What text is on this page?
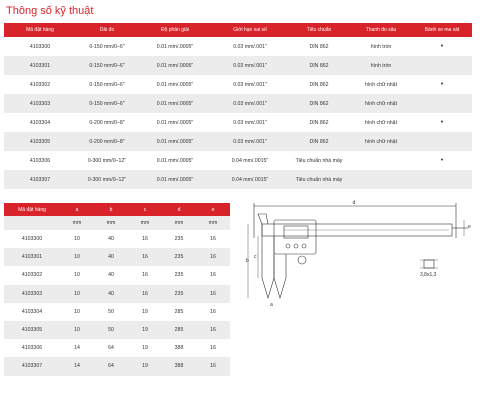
Thông số kỹ thuật
Mã đặt hàng	Dải đo	Độ phân giải	Giới hạn sai số	Tiêu chuẩn	Thanh đo sâu	Bánh xe ma sát
4103300	0-150 mm/0–6"	0.01 mm/.0005"	0.03 mm/.001"	DIN 862	hình tròn	•
4103301	0-150 mm/0–6"	0.01 mm/.0005"	0.03 mm/.001"	DIN 862	hình tròn	
4103302	0-150 mm/0–6"	0.01 mm/.0005"	0.03 mm/.001"	DIN 862	hình chữ nhật	•
4103303	0-150 mm/0–6"	0.01 mm/.0005"	0.03 mm/.001"	DIN 862	hình chữ nhật	
4103304	0-200 mm/0–8"	0.01 mm/.0005"	0.03 mm/.001"	DIN 862	hình chữ nhật	•
4103305	0-200 mm/0–8"	0.01 mm/.0005"	0.03 mm/.001"	DIN 862	hình chữ nhật	
4103306	0-300 mm/0–12"	0.01 mm/.0005"	0.04 mm/.0015"	Tiêu chuẩn nhà máy		•
4103307	0-300 mm/0–12"	0.01 mm/.0005"	0.04 mm/.0015"	Tiêu chuẩn nhà máy		
Mã đặt hàng	a	b	c	d	e
	mm	mm	mm	mm	mm
4103300	10	40	16	235	16
4103301	10	40	16	235	16
4103302	10	40	16	235	16
4103303	10	40	16	235	16
4103304	10	50	19	285	16
4103305	10	50	19	285	16
4103306	14	64	19	388	16
4103307	14	64	19	388	16
d
e
b
c
a
3,8x1,3
